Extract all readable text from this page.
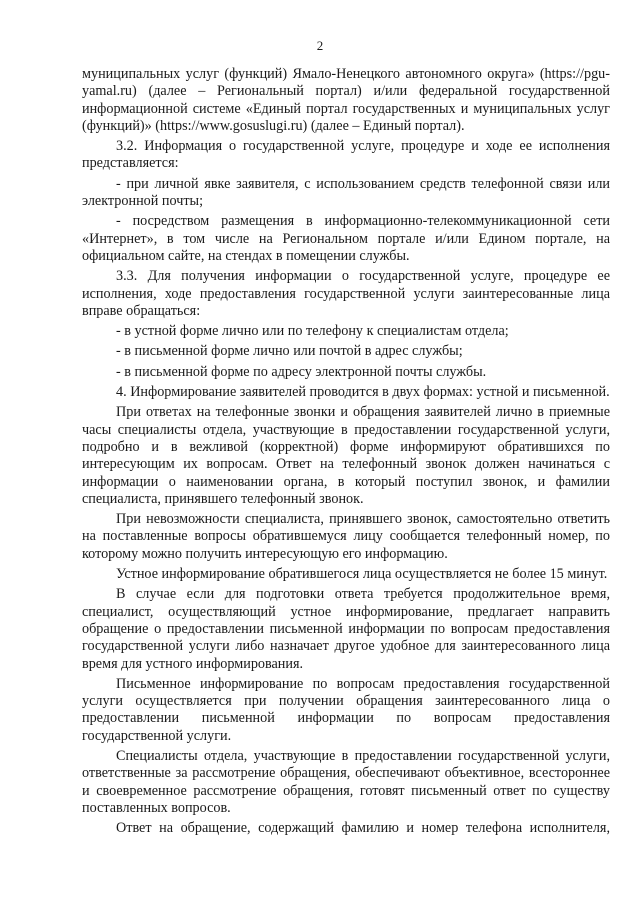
2

муниципальных услуг (функций) Ямало-Ненецкого автономного округа» (https://pgu-yamal.ru) (далее – Региональный портал) и/или федеральной государственной информационной системе «Единый портал государственных и муниципальных услуг (функций)» (https://www.gosuslugi.ru) (далее – Единый портал).

3.2. Информация о государственной услуге, процедуре и ходе ее исполнения представляется:

- при личной явке заявителя, с использованием средств телефонной связи или электронной почты;

- посредством размещения в информационно-телекоммуникационной сети «Интернет», в том числе на Региональном портале и/или Едином портале, на официальном сайте, на стендах в помещении службы.

3.3. Для получения информации о государственной услуге, процедуре ее исполнения, ходе предоставления государственной услуги заинтересованные лица вправе обращаться:

- в устной форме лично или по телефону к специалистам отдела;

- в письменной форме лично или почтой в адрес службы;

- в письменной форме по адресу электронной почты службы.

4. Информирование заявителей проводится в двух формах: устной и письменной.

При ответах на телефонные звонки и обращения заявителей лично в приемные часы специалисты отдела, участвующие в предоставлении государственной услуги, подробно и в вежливой (корректной) форме информируют обратившихся по интересующим их вопросам. Ответ на телефонный звонок должен начинаться с информации о наименовании органа, в который поступил звонок, и фамилии специалиста, принявшего телефонный звонок.

При невозможности специалиста, принявшего звонок, самостоятельно ответить на поставленные вопросы обратившемуся лицу сообщается телефонный номер, по которому можно получить интересующую его информацию.

Устное информирование обратившегося лица осуществляется не более 15 минут.

В случае если для подготовки ответа требуется продолжительное время, специалист, осуществляющий устное информирование, предлагает направить обращение о предоставлении письменной информации по вопросам предоставления государственной услуги либо назначает другое удобное для заинтересованного лица время для устного информирования.

Письменное информирование по вопросам предоставления государственной услуги осуществляется при получении обращения заинтересованного лица о предоставлении письменной информации по вопросам предоставления государственной услуги.

Специалисты отдела, участвующие в предоставлении государственной услуги, ответственные за рассмотрение обращения, обеспечивают объективное, всестороннее и своевременное рассмотрение обращения, готовят письменный ответ по существу поставленных вопросов.

Ответ на обращение, содержащий фамилию и номер телефона исполнителя,
